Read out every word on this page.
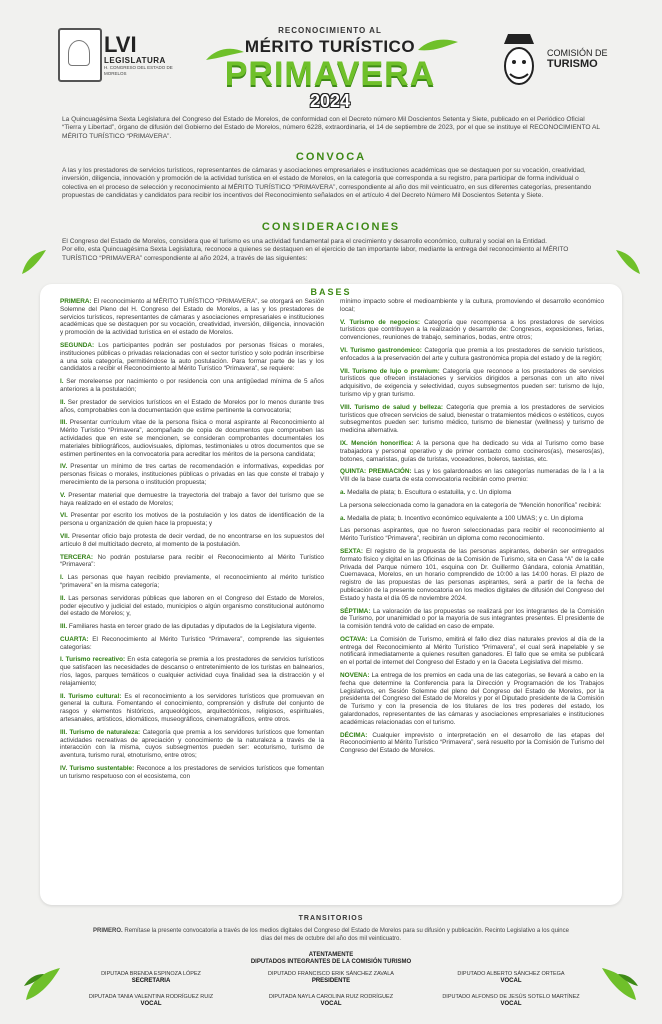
LVI
LEGISLATURA
H. CONGRESO DEL ESTADO DE MORELOS
RECONOCIMIENTO AL
MÉRITO TURÍSTICO
PRIMAVERA
2024
COMISIÓN DE
TURISMO
La Quincuagésima Sexta Legislatura del Congreso del Estado de Morelos, de conformidad con el Decreto número Mil Doscientos Setenta y Siete, publicado en el Periódico Oficial “Tierra y Libertad”, órgano de difusión del Gobierno del Estado de Morelos, número 6228, extraordinaria, el 14 de septiembre de 2023, por el que se instituye el RECONOCIMIENTO AL MÉRITO TURÍSTICO “PRIMAVERA”.
CONVOCA
A las y los prestadores de servicios turísticos, representantes de cámaras y asociaciones empresariales e instituciones académicas que se destaquen por su vocación, creatividad, inversión, diligencia, innovación y promoción de la actividad turística en el estado de Morelos, en la categoría que corresponda a su registro, para participar de forma individual o colectiva en el proceso de selección y reconocimiento al MÉRITO TURÍSTICO “PRIMAVERA”, correspondiente al año dos mil veinticuatro, en sus diferentes categorías, presentando propuestas de candidatas y candidatos para recibir los incentivos del Reconocimiento señalados en el artículo 4 del Decreto Número Mil Doscientos Setenta y Siete.
CONSIDERACIONES
El Congreso del Estado de Morelos, considera que el turismo es una actividad fundamental para el crecimiento y desarrollo económico, cultural y social en la Entidad.
Por ello, esta Quincuagésima Sexta Legislatura, reconoce a quienes se destaquen en el ejercicio de tan importante labor, mediante la entrega del reconocimiento al MÉRITO TURÍSTICO “PRIMAVERA” correspondiente al año 2024, a través de las siguientes:
BASES

PRIMERA: El reconocimiento al MÉRITO TURÍSTICO “PRIMAVERA”, se otorgará en Sesión Solemne del Pleno del H. Congreso del Estado de Morelos, a las y los prestadores de servicios turísticos, representantes de cámaras y asociaciones empresariales e instituciones académicas que se destaquen por su vocación, creatividad, inversión, diligencia, innovación y promoción de la actividad turística en el estado de Morelos.

SEGUNDA: Los participantes podrán ser postulados por personas físicas o morales, instituciones públicas o privadas relacionadas con el sector turístico y solo podrán inscribirse a una sola categoría, permitiéndose la auto postulación. Para formar parte de las y los candidatos a recibir el Reconocimiento al Mérito Turístico “Primavera”, se requiere:

I. Ser moreleense por nacimiento o por residencia con una antigüedad mínima de 5 años anteriores a la postulación;

II. Ser prestador de servicios turísticos en el Estado de Morelos por lo menos durante tres años, comprobables con la documentación que estime pertinente la convocatoria;

III. Presentar currículum vitae de la persona física o moral aspirante al Reconocimiento al Mérito Turístico “Primavera”, acompañado de copia de documentos que comprueben las actividades que en este se mencionen, se consideran comprobantes documentales los materiales bibliográficos, audiovisuales, diplomas, testimoniales u otros documentos que se estimen pertinentes en la convocatoria para acreditar los méritos de la persona candidata;

IV. Presentar un mínimo de tres cartas de recomendación e informativas, expedidas por personas físicas o morales, instituciones públicas o privadas en las que conste el trabajo y merecimiento de la persona o institución propuesta;

V. Presentar material que demuestre la trayectoria del trabajo a favor del turismo que se haya realizado en el estado de Morelos;

VI. Presentar por escrito los motivos de la postulación y los datos de identificación de la persona u organización de quien hace la propuesta; y

VII. Presentar oficio bajo protesta de decir verdad, de no encontrarse en los supuestos del artículo 8 del multicitado decreto, al momento de la postulación.

TERCERA: No podrán postularse para recibir el Reconocimiento al Mérito Turístico “Primavera”:

I. Las personas que hayan recibido previamente, el reconocimiento al mérito turístico “primavera” en la misma categoría;

II. Las personas servidoras públicas que laboren en el Congreso del Estado de Morelos, poder ejecutivo y judicial del estado, municipios o algún organismo constitucional autónomo del estado de Morelos; y,

III. Familiares hasta en tercer grado de las diputadas y diputados de la Legislatura vigente.

CUARTA: El Reconocimiento al Mérito Turístico “Primavera”, comprende las siguientes categorías:

I. Turismo recreativo: En esta categoría se premia a los prestadores de servicios turísticos que satisfacen las necesidades de descanso o entretenimiento de los turistas en balnearios, ríos, lagos, parques temáticos o cualquier actividad cuya finalidad sea la distracción y el relajamiento;

II. Turismo cultural: Es el reconocimiento a los servidores turísticos que promuevan en general la cultura. Fomentando el conocimiento, comprensión y disfrute del conjunto de rasgos y elementos históricos, arqueológicos, arquitectónicos, religiosos, espirituales, artesanales, artísticos, idiomáticos, museográficos, cinematográficos, entre otros.

III. Turismo de naturaleza: Categoría que premia a los servidores turísticos que fomentan actividades recreativas de apreciación y conocimiento de la naturaleza a través de la interacción con la misma, cuyos subsegmentos pueden ser: ecoturismo, turismo de aventura, turismo rural, etnoturismo, entre otros;

IV. Turismo sustentable: Reconoce a los prestadores de servicios turísticos que fomentan un turismo respetuoso con el ecosistema, con

mínimo impacto sobre el medioambiente y la cultura, promoviendo el desarrollo económico local;

V. Turismo de negocios: Categoría que recompensa a los prestadores de servicios turísticos que contribuyen a la realización y desarrollo de: Congresos, exposiciones, ferias, convenciones, reuniones de trabajo, seminarios, bodas, entre otros;

VI. Turismo gastronómico: Categoría que premia a los prestadores de servicio turísticos, enfocados a la preservación del arte y cultura gastronómica propia del estado y de la región;

VII. Turismo de lujo o premium: Categoría que reconoce a los prestadores de servicios turísticos que ofrecen instalaciones y servicios dirigidos a personas con un alto nivel adquisitivo, de exigencia y selectividad, cuyos subsegmentos pueden ser: turismo de lujo, turismo vip y gran turismo.

VIII. Turismo de salud y belleza: Categoría que premia a los prestadores de servicios turísticos que ofrecen servicios de salud, bienestar o tratamientos médicos o estéticos, cuyos subsegmentos pueden ser: turismo médico, turismo de bienestar (wellness) y turismo de medicina alternativa.

IX. Mención honorífica: A la persona que ha dedicado su vida al Turismo como base trabajadora y personal operativo y de primer contacto como cocineros(as), meseros(as), botones, camaristas, guías de turistas, voceadores, boleros, taxistas, etc.

QUINTA: PREMIACIÓN: Las y los galardonados en las categorías numeradas de la I a la VIII de la base cuarta de esta convocatoria recibirán como premio:

a. Medalla de plata; b. Escultura o estatuilla, y c. Un diploma

La persona seleccionada como la ganadora en la categoría de “Mención honorífica” recibirá:

a. Medalla de plata; b. Incentivo económico equivalente a 100 UMAS; y c. Un diploma

Las personas aspirantes, que no fueron seleccionadas para recibir el reconocimiento al Mérito Turístico “Primavera”, recibirán un diploma como reconocimiento.

SEXTA: El registro de la propuesta de las personas aspirantes, deberán ser entregados formato físico y digital en las Oficinas de la Comisión de Turismo, sita en Casa “A” de la calle Privada del Parque número 101, esquina con Dr. Guillermo Gándara, colonia Amatitlán, Cuernavaca, Morelos, en un horario comprendido de 10:00 a las 14:00 horas. El plazo de registro de las propuestas de las personas aspirantes, será a partir de la fecha de publicación de la presente convocatoria en los medios digitales de difusión del Congreso del Estado y hasta el día 05 de noviembre 2024.

SÉPTIMA: La valoración de las propuestas se realizará por los integrantes de la Comisión de Turismo, por unanimidad o por la mayoría de sus integrantes presentes. El presidente de la comisión tendrá voto de calidad en caso de empate.

OCTAVA: La Comisión de Turismo, emitirá el fallo diez días naturales previos al día de la entrega del Reconocimiento al Mérito Turístico “Primavera”, el cual será inapelable y se notificará inmediatamente a quienes resulten ganadores. El fallo que se emita se publicará en el portal de internet del Congreso del Estado y en la Gaceta Legislativa del mismo.

NOVENA: La entrega de los premios en cada una de las categorías, se llevará a cabo en la fecha que determine la Conferencia para la Dirección y Programación de los Trabajos Legislativos, en Sesión Solemne del pleno del Congreso del Estado de Morelos, por la presidenta del Congreso del Estado de Morelos y por el Diputado presidente de la Comisión de Turismo y con la presencia de los titulares de los tres poderes del estado, los galardonados, representantes de las cámaras y asociaciones empresariales e instituciones académicas relacionadas con el turismo.

DÉCIMA: Cualquier imprevisto o interpretación en el desarrollo de las etapas del Reconocimiento al Mérito Turístico “Primavera”, será resuelto por la Comisión de Turismo del Congreso del Estado de Morelos.

TRANSITORIOS
PRIMERO. Remítase la presente convocatoria a través de los medios digitales del Congreso del Estado de Morelos para su difusión y publicación. Recinto Legislativo a los quince días del mes de octubre del año dos mil veinticuatro.
ATENTAMENTE
DIPUTADOS INTEGRANTES DE LA COMISIÓN TURISMO
DIPUTADA BRENDA ESPINOZA LÓPEZ
SECRETARIA
DIPUTADO FRANCISCO ERIK SÁNCHEZ ZAVALA
PRESIDENTE
DIPUTADO ALBERTO SÁNCHEZ ORTEGA
VOCAL
DIPUTADA TANIA VALENTINA RODRÍGUEZ RUIZ
VOCAL
DIPUTADA NAYLA CAROLINA RUIZ RODRÍGUEZ
VOCAL
DIPUTADO ALFONSO DE JESÚS SOTELO MARTÍNEZ
VOCAL
